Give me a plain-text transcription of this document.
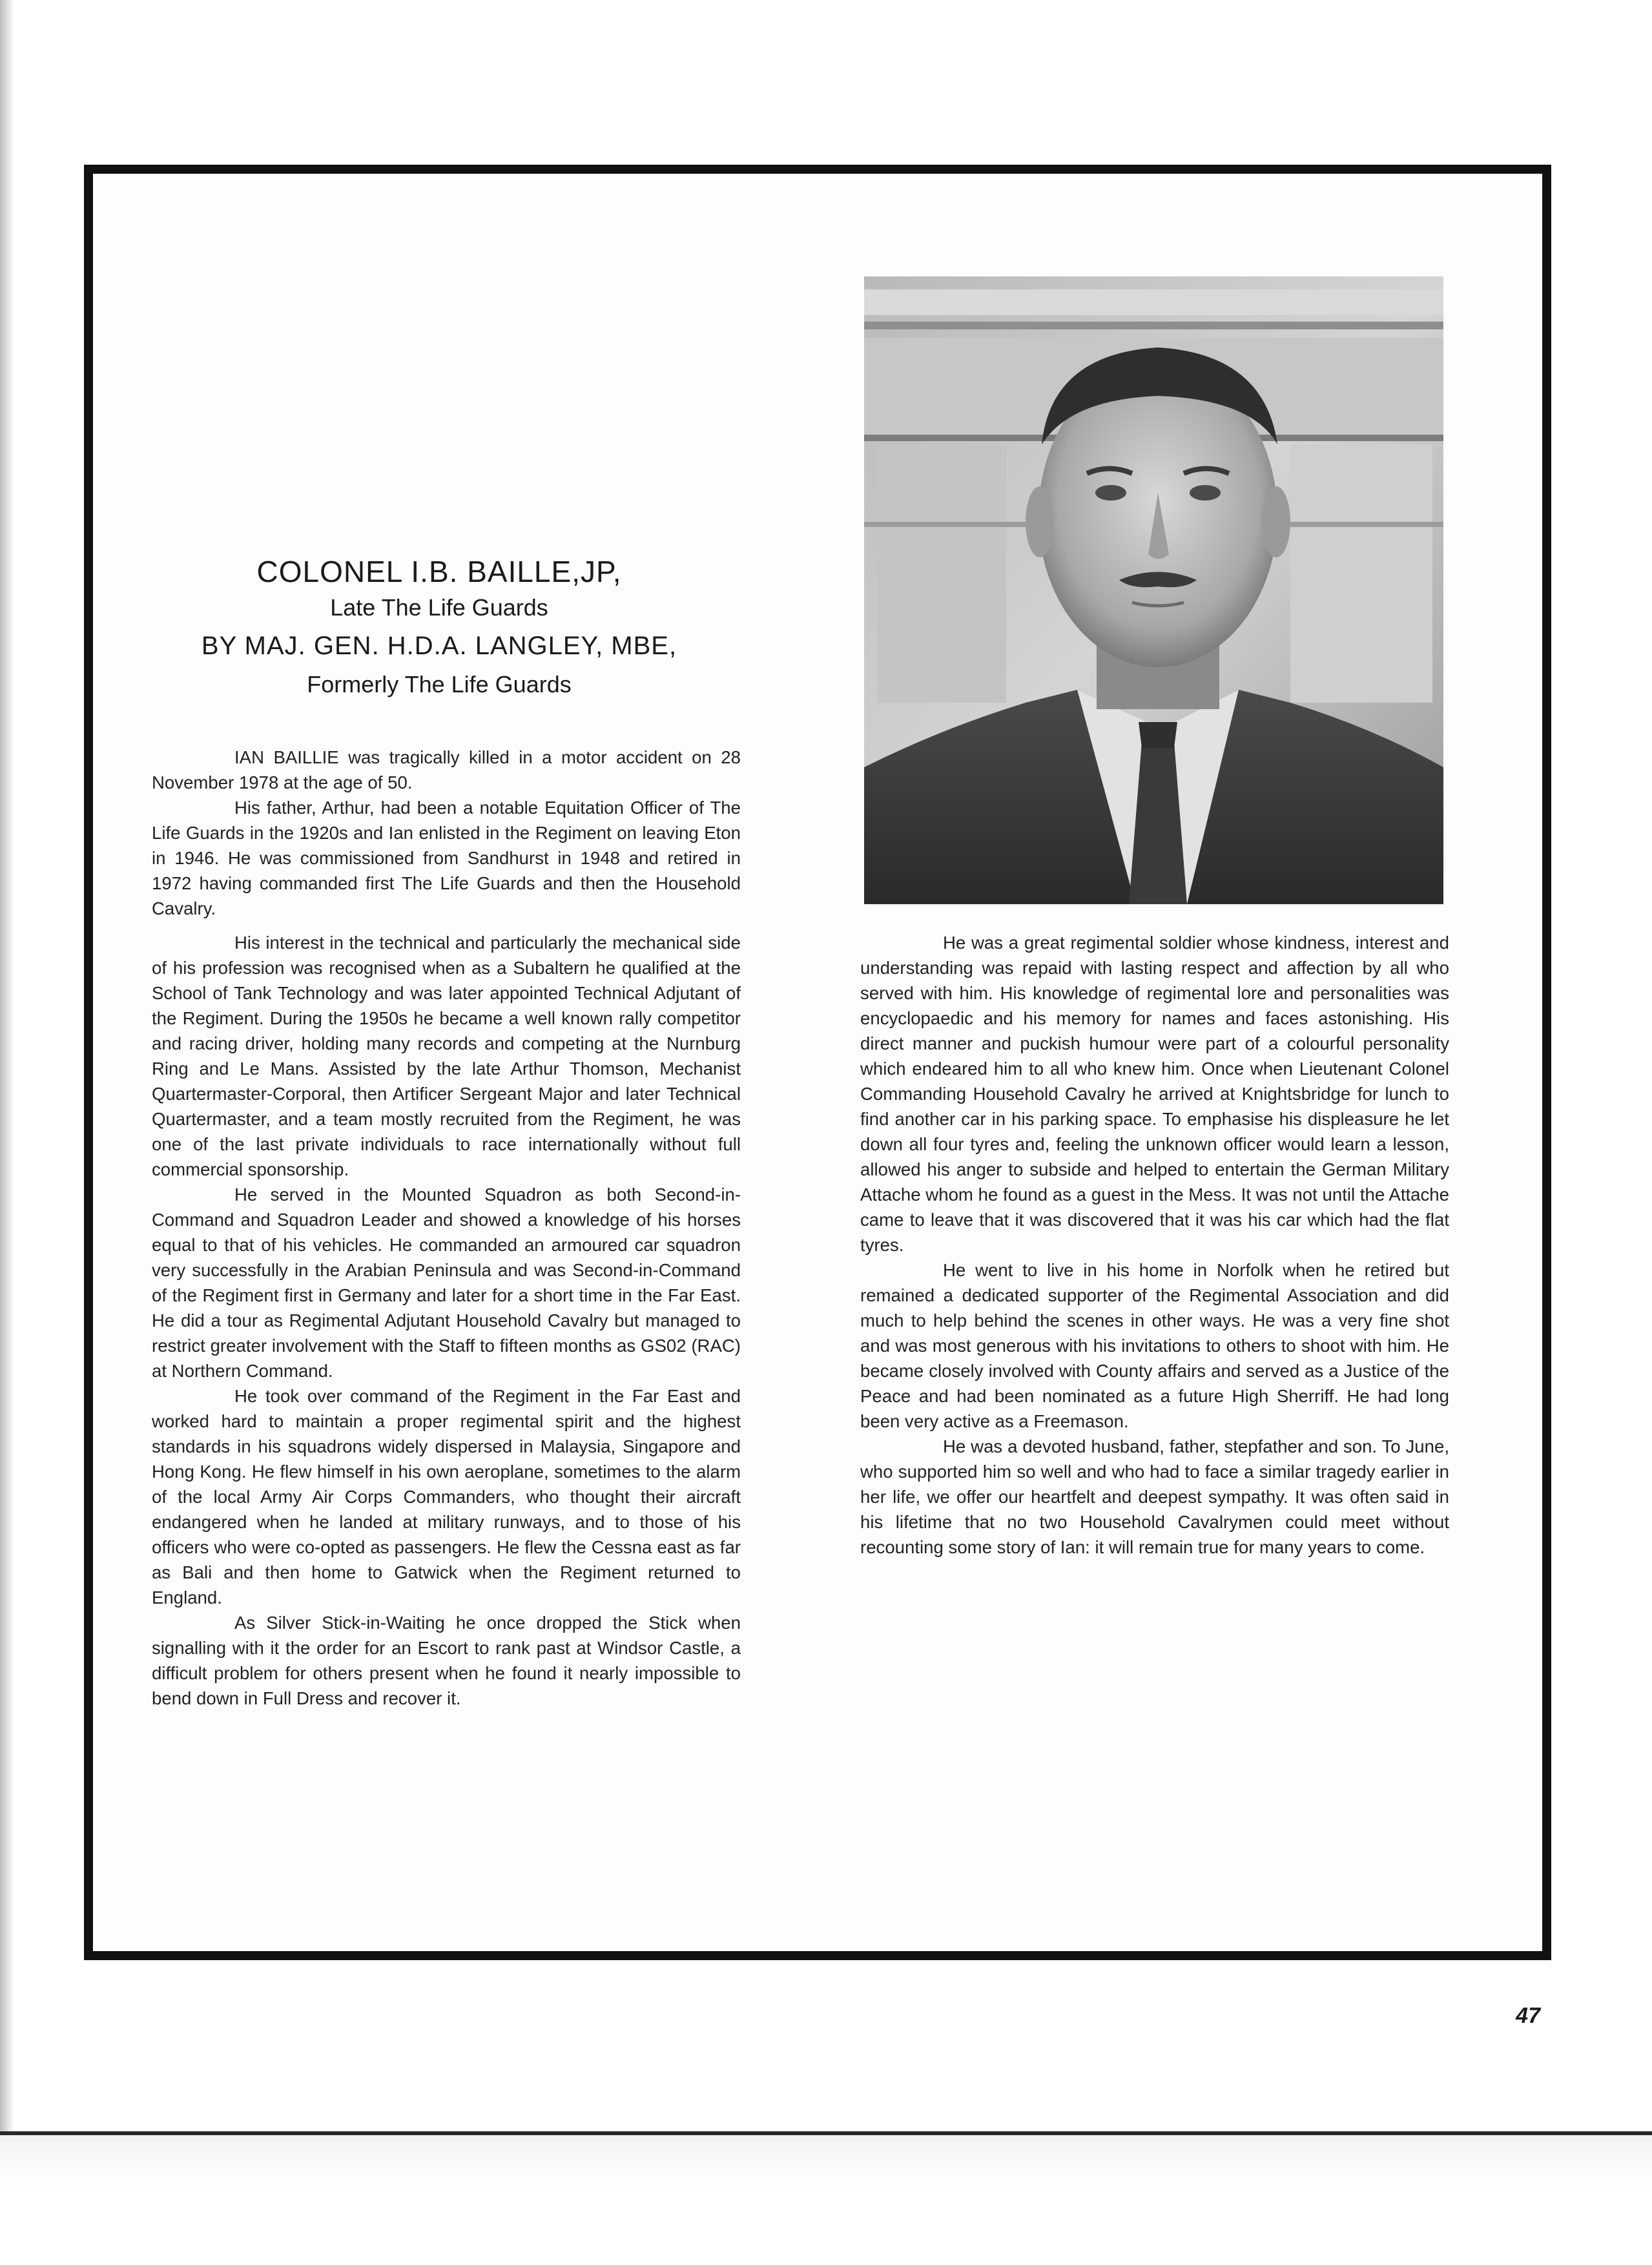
COLONEL I.B. BAILLE,JP,
Late The Life Guards
BY MAJ. GEN. H.D.A. LANGLEY, MBE,
Formerly The Life Guards

IAN BAILLIE was tragically killed in a motor accident on 28 November 1978 at the age of 50.

His father, Arthur, had been a notable Equitation Officer of The Life Guards in the 1920s and Ian enlisted in the Regiment on leaving Eton in 1946. He was commissioned from Sandhurst in 1948 and retired in 1972 having commanded first The Life Guards and then the Household Cavalry.

His interest in the technical and particularly the mechanical side of his profession was recognised when as a Subaltern he qualified at the School of Tank Technology and was later appointed Technical Adjutant of the Regiment. During the 1950s he became a well known rally competitor and racing driver, holding many records and competing at the Nurnburg Ring and Le Mans. Assisted by the late Arthur Thomson, Mechanist Quartermaster-Corporal, then Artificer Sergeant Major and later Technical Quartermaster, and a team mostly recruited from the Regiment, he was one of the last private individuals to race internationally without full commercial sponsorship.

He served in the Mounted Squadron as both Second-in-Command and Squadron Leader and showed a knowledge of his horses equal to that of his vehicles. He commanded an armoured car squadron very successfully in the Arabian Peninsula and was Second-in-Command of the Regiment first in Germany and later for a short time in the Far East. He did a tour as Regimental Adjutant Household Cavalry but managed to restrict greater involvement with the Staff to fifteen months as GS02 (RAC) at Northern Command.

He took over command of the Regiment in the Far East and worked hard to maintain a proper regimental spirit and the highest standards in his squadrons widely dispersed in Malaysia, Singapore and Hong Kong. He flew himself in his own aeroplane, sometimes to the alarm of the local Army Air Corps Commanders, who thought their aircraft endangered when he landed at military runways, and to those of his officers who were co-opted as passengers. He flew the Cessna east as far as Bali and then home to Gatwick when the Regiment returned to England.

As Silver Stick-in-Waiting he once dropped the Stick when signalling with it the order for an Escort to rank past at Windsor Castle, a difficult problem for others present when he found it nearly impossible to bend down in Full Dress and recover it.

He was a great regimental soldier whose kindness, interest and understanding was repaid with lasting respect and affection by all who served with him. His knowledge of regimental lore and personalities was encyclopaedic and his memory for names and faces astonishing. His direct manner and puckish humour were part of a colourful personality which endeared him to all who knew him. Once when Lieutenant Colonel Commanding Household Cavalry he arrived at Knightsbridge for lunch to find another car in his parking space. To emphasise his displeasure he let down all four tyres and, feeling the unknown officer would learn a lesson, allowed his anger to subside and helped to entertain the German Military Attache whom he found as a guest in the Mess. It was not until the Attache came to leave that it was discovered that it was his car which had the flat tyres.

He went to live in his home in Norfolk when he retired but remained a dedicated supporter of the Regimental Association and did much to help behind the scenes in other ways. He was a very fine shot and was most generous with his invitations to others to shoot with him. He became closely involved with County affairs and served as a Justice of the Peace and had been nominated as a future High Sherriff. He had long been very active as a Freemason.

He was a devoted husband, father, stepfather and son. To June, who supported him so well and who had to face a similar tragedy earlier in her life, we offer our heartfelt and deepest sympathy. It was often said in his lifetime that no two Household Cavalrymen could meet without recounting some story of Ian: it will remain true for many years to come.

47
